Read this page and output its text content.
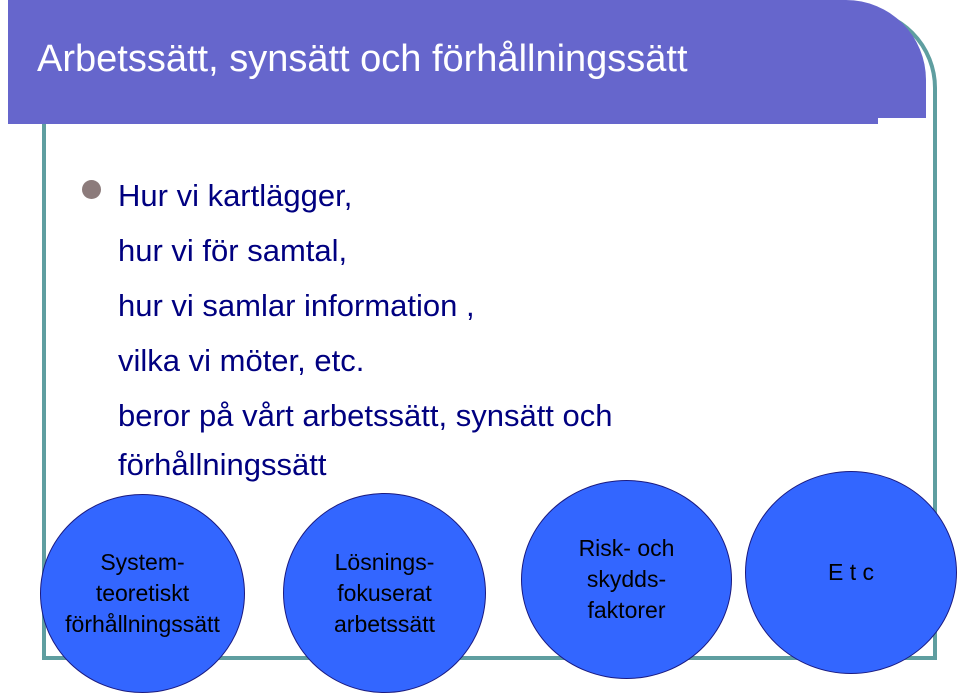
Arbetssätt, synsätt och förhållningssätt
Hur vi kartlägger,
hur vi för samtal,
hur vi samlar information ,
vilka vi möter, etc.
beror på vårt arbetssätt, synsätt och
förhållningssätt
System-
teoretiskt
förhållningssätt
Lösnings-
fokuserat
arbetssätt
Risk- och
skydds-
faktorer
E t c
